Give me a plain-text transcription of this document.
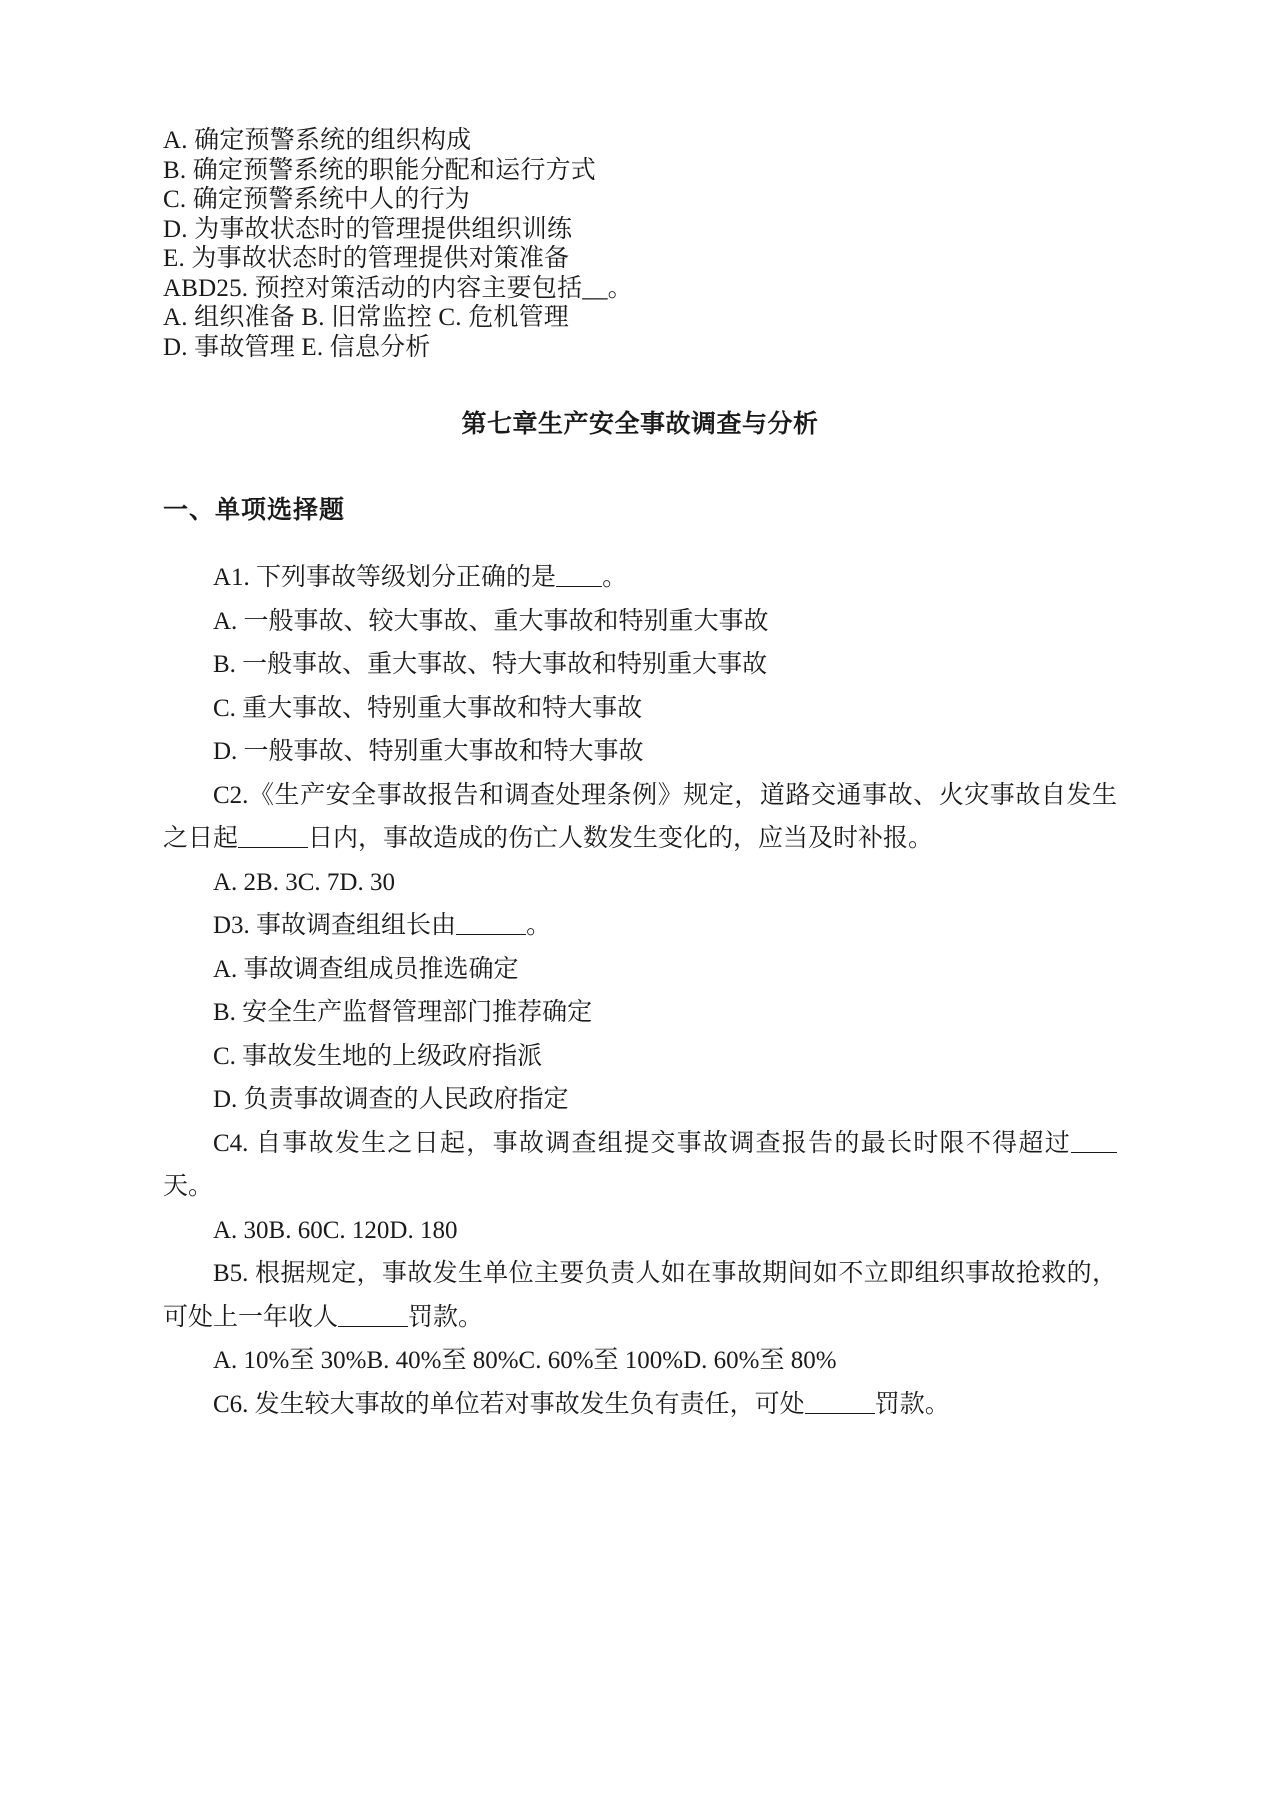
A. 确定预警系统的组织构成
B. 确定预警系统的职能分配和运行方式
C. 确定预警系统中人的行为
D. 为事故状态时的管理提供组织训练
E. 为事故状态时的管理提供对策准备
ABD25. 预控对策活动的内容主要包括__。
A. 组织准备 B. 旧常监控 C. 危机管理
D. 事故管理 E. 信息分析
第七章生产安全事故调查与分析
一、单项选择题

A1. 下列事故等级划分正确的是 。

A. 一般事故、较大事故、重大事故和特别重大事故

B. 一般事故、重大事故、特大事故和特别重大事故

C. 重大事故、特别重大事故和特大事故

D. 一般事故、特别重大事故和特大事故

C2.《生产安全事故报告和调查处理条例》规定，道路交通事故、火灾事故自发生之日起	日内，事故造成的伤亡人数发生变化的，应当及时补报。

A. 2B. 3C. 7D. 30

D3. 事故调查组组长由	。

A. 事故调查组成员推选确定

B. 安全生产监督管理部门推荐确定

C. 事故发生地的上级政府指派

D. 负责事故调查的人民政府指定

C4. 自事故发生之日起，事故调查组提交事故调查报告的最长时限不得超过天。

A. 30B. 60C. 120D. 180

B5. 根据规定，事故发生单位主要负责人如在事故期间如不立即组织事故抢救的，可处上一年收人	罚款。

A. 10%至 30%B. 40%至 80%C. 60%至 100%D. 60%至 80%

C6. 发生较大事故的单位若对事故发生负有责任，可处	罚款。
